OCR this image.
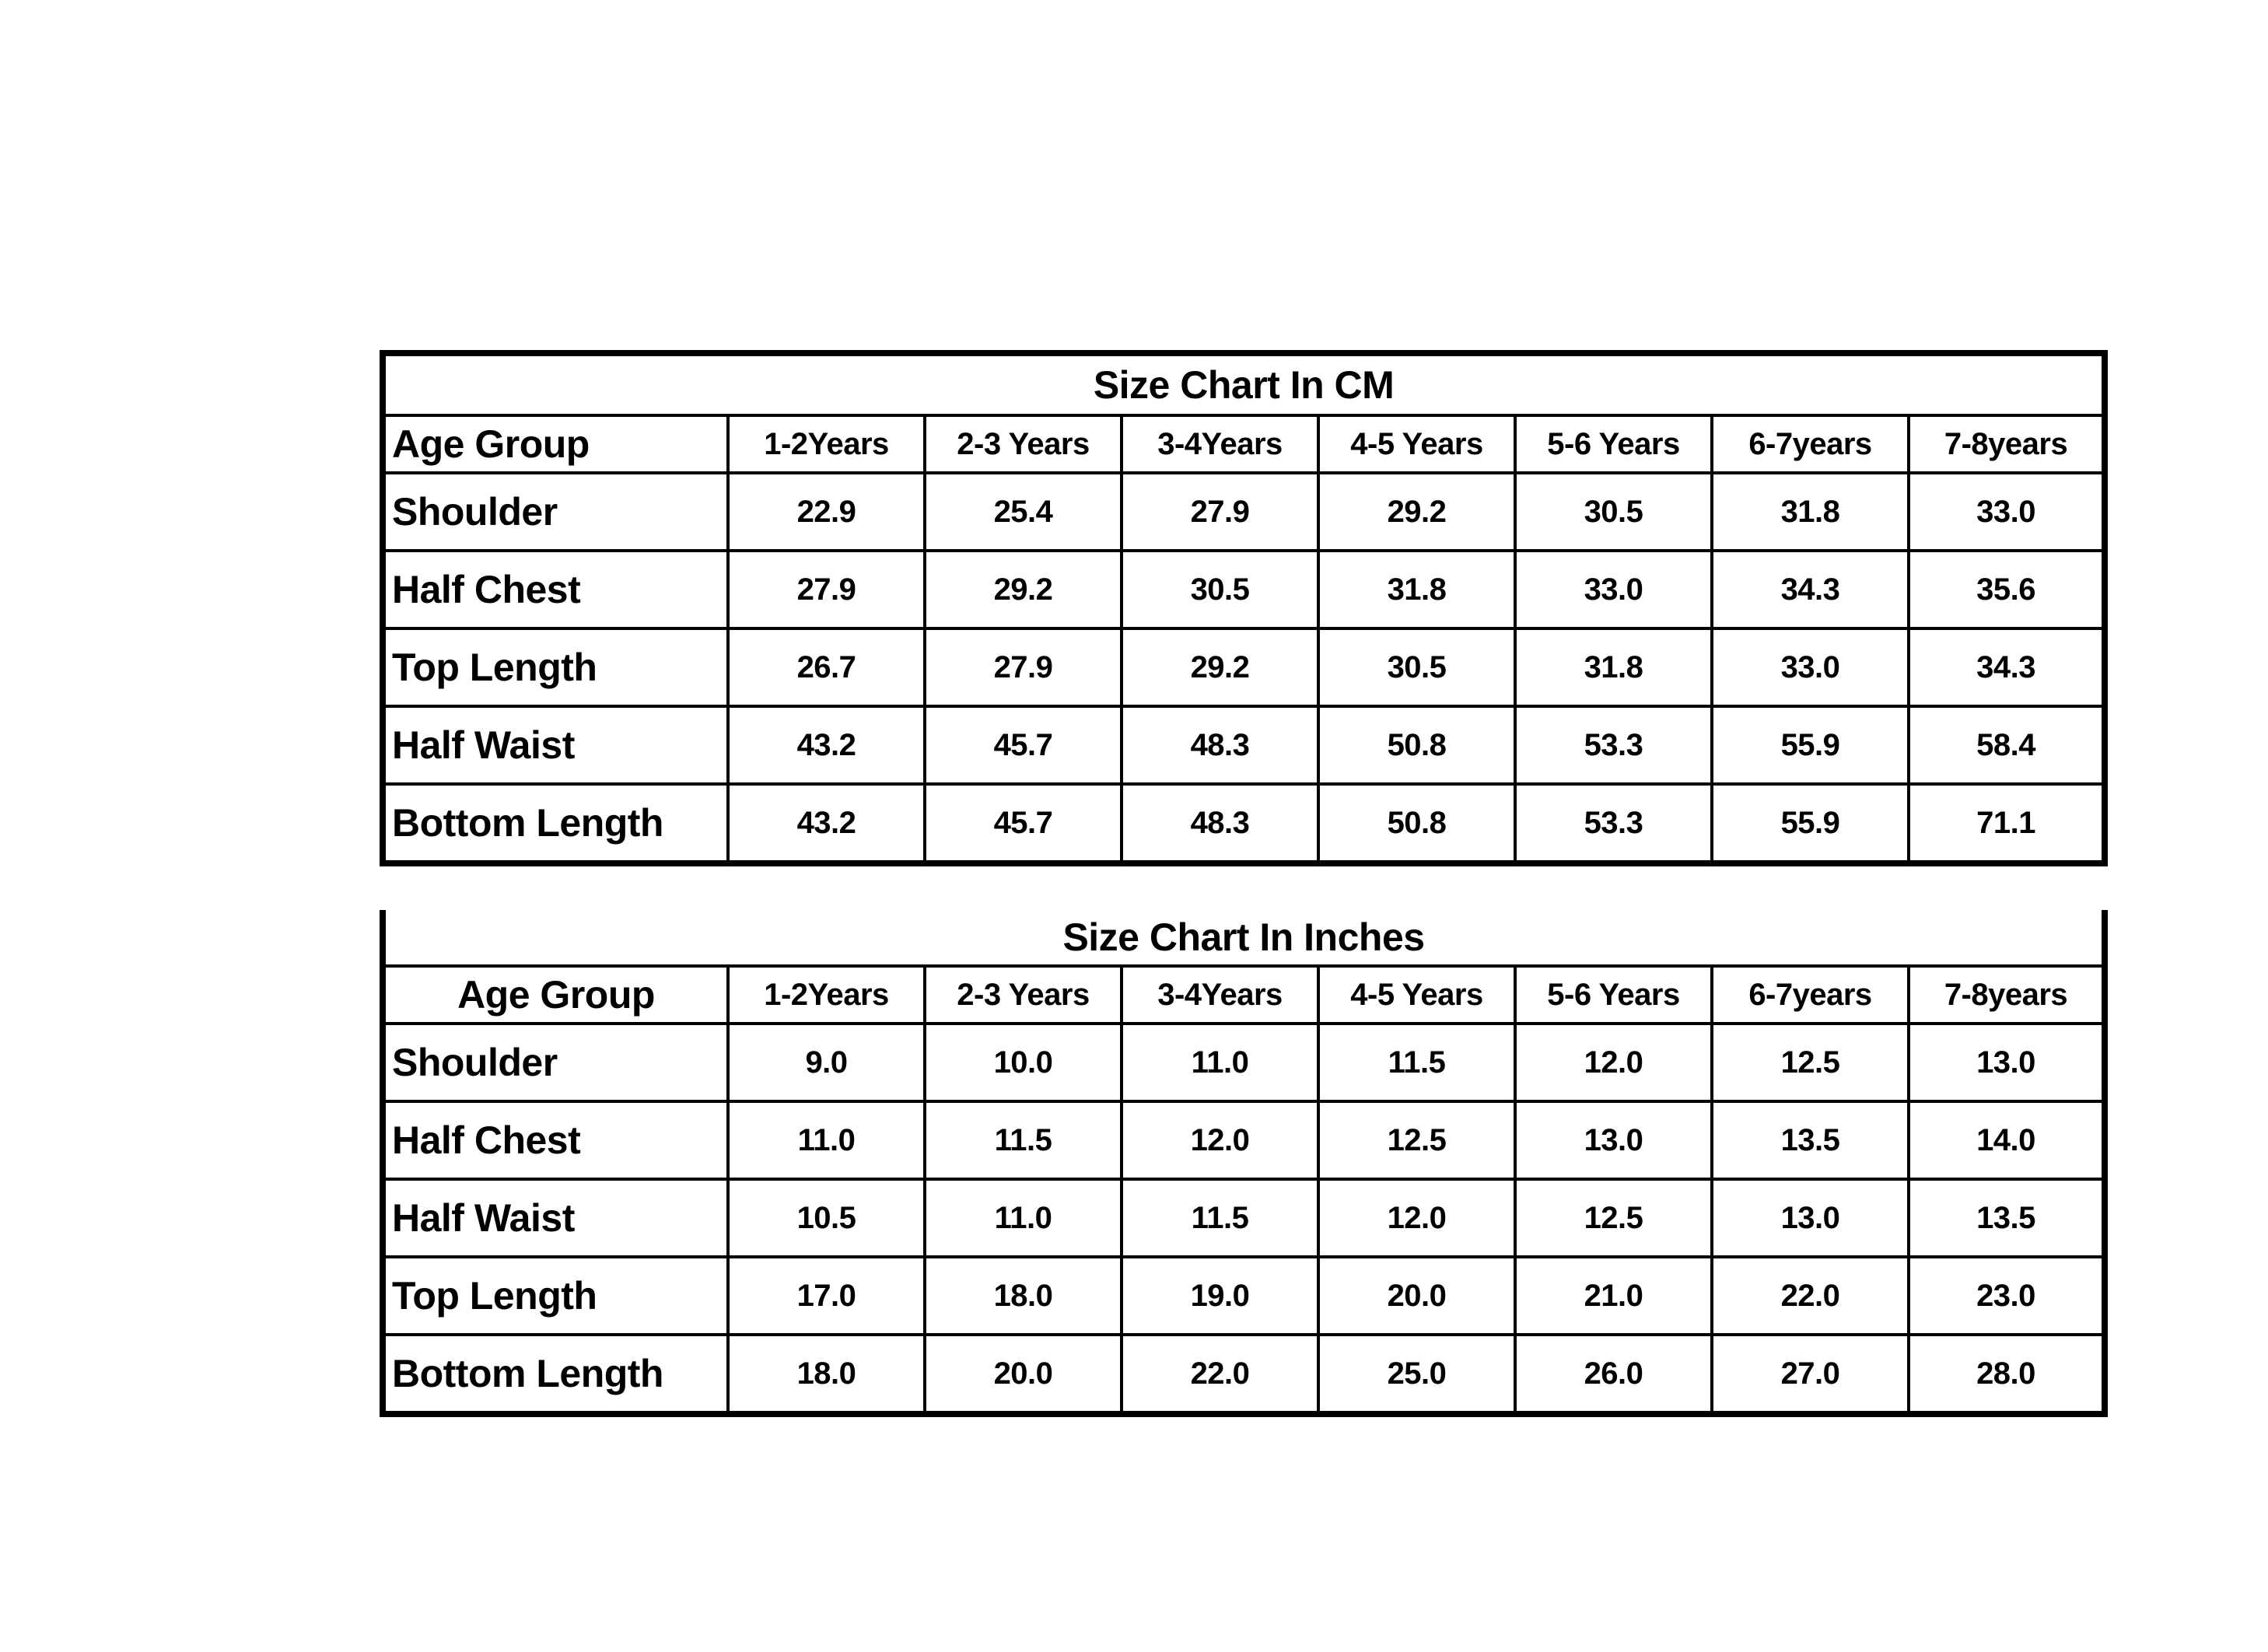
Size Chart In CM							
Age Group	1-2Years	2-3 Years	3-4Years	4-5 Years	5-6 Years	6-7years	7-8years
Shoulder	22.9	25.4	27.9	29.2	30.5	31.8	33.0
Half Chest	27.9	29.2	30.5	31.8	33.0	34.3	35.6
Top Length	26.7	27.9	29.2	30.5	31.8	33.0	34.3
Half Waist	43.2	45.7	48.3	50.8	53.3	55.9	58.4
Bottom Length	43.2	45.7	48.3	50.8	53.3	55.9	71.1
Size Chart In Inches							
Age Group	1-2Years	2-3 Years	3-4Years	4-5 Years	5-6 Years	6-7years	7-8years
Shoulder	9.0	10.0	11.0	11.5	12.0	12.5	13.0
Half Chest	11.0	11.5	12.0	12.5	13.0	13.5	14.0
Half Waist	10.5	11.0	11.5	12.0	12.5	13.0	13.5
Top Length	17.0	18.0	19.0	20.0	21.0	22.0	23.0
Bottom Length	18.0	20.0	22.0	25.0	26.0	27.0	28.0
